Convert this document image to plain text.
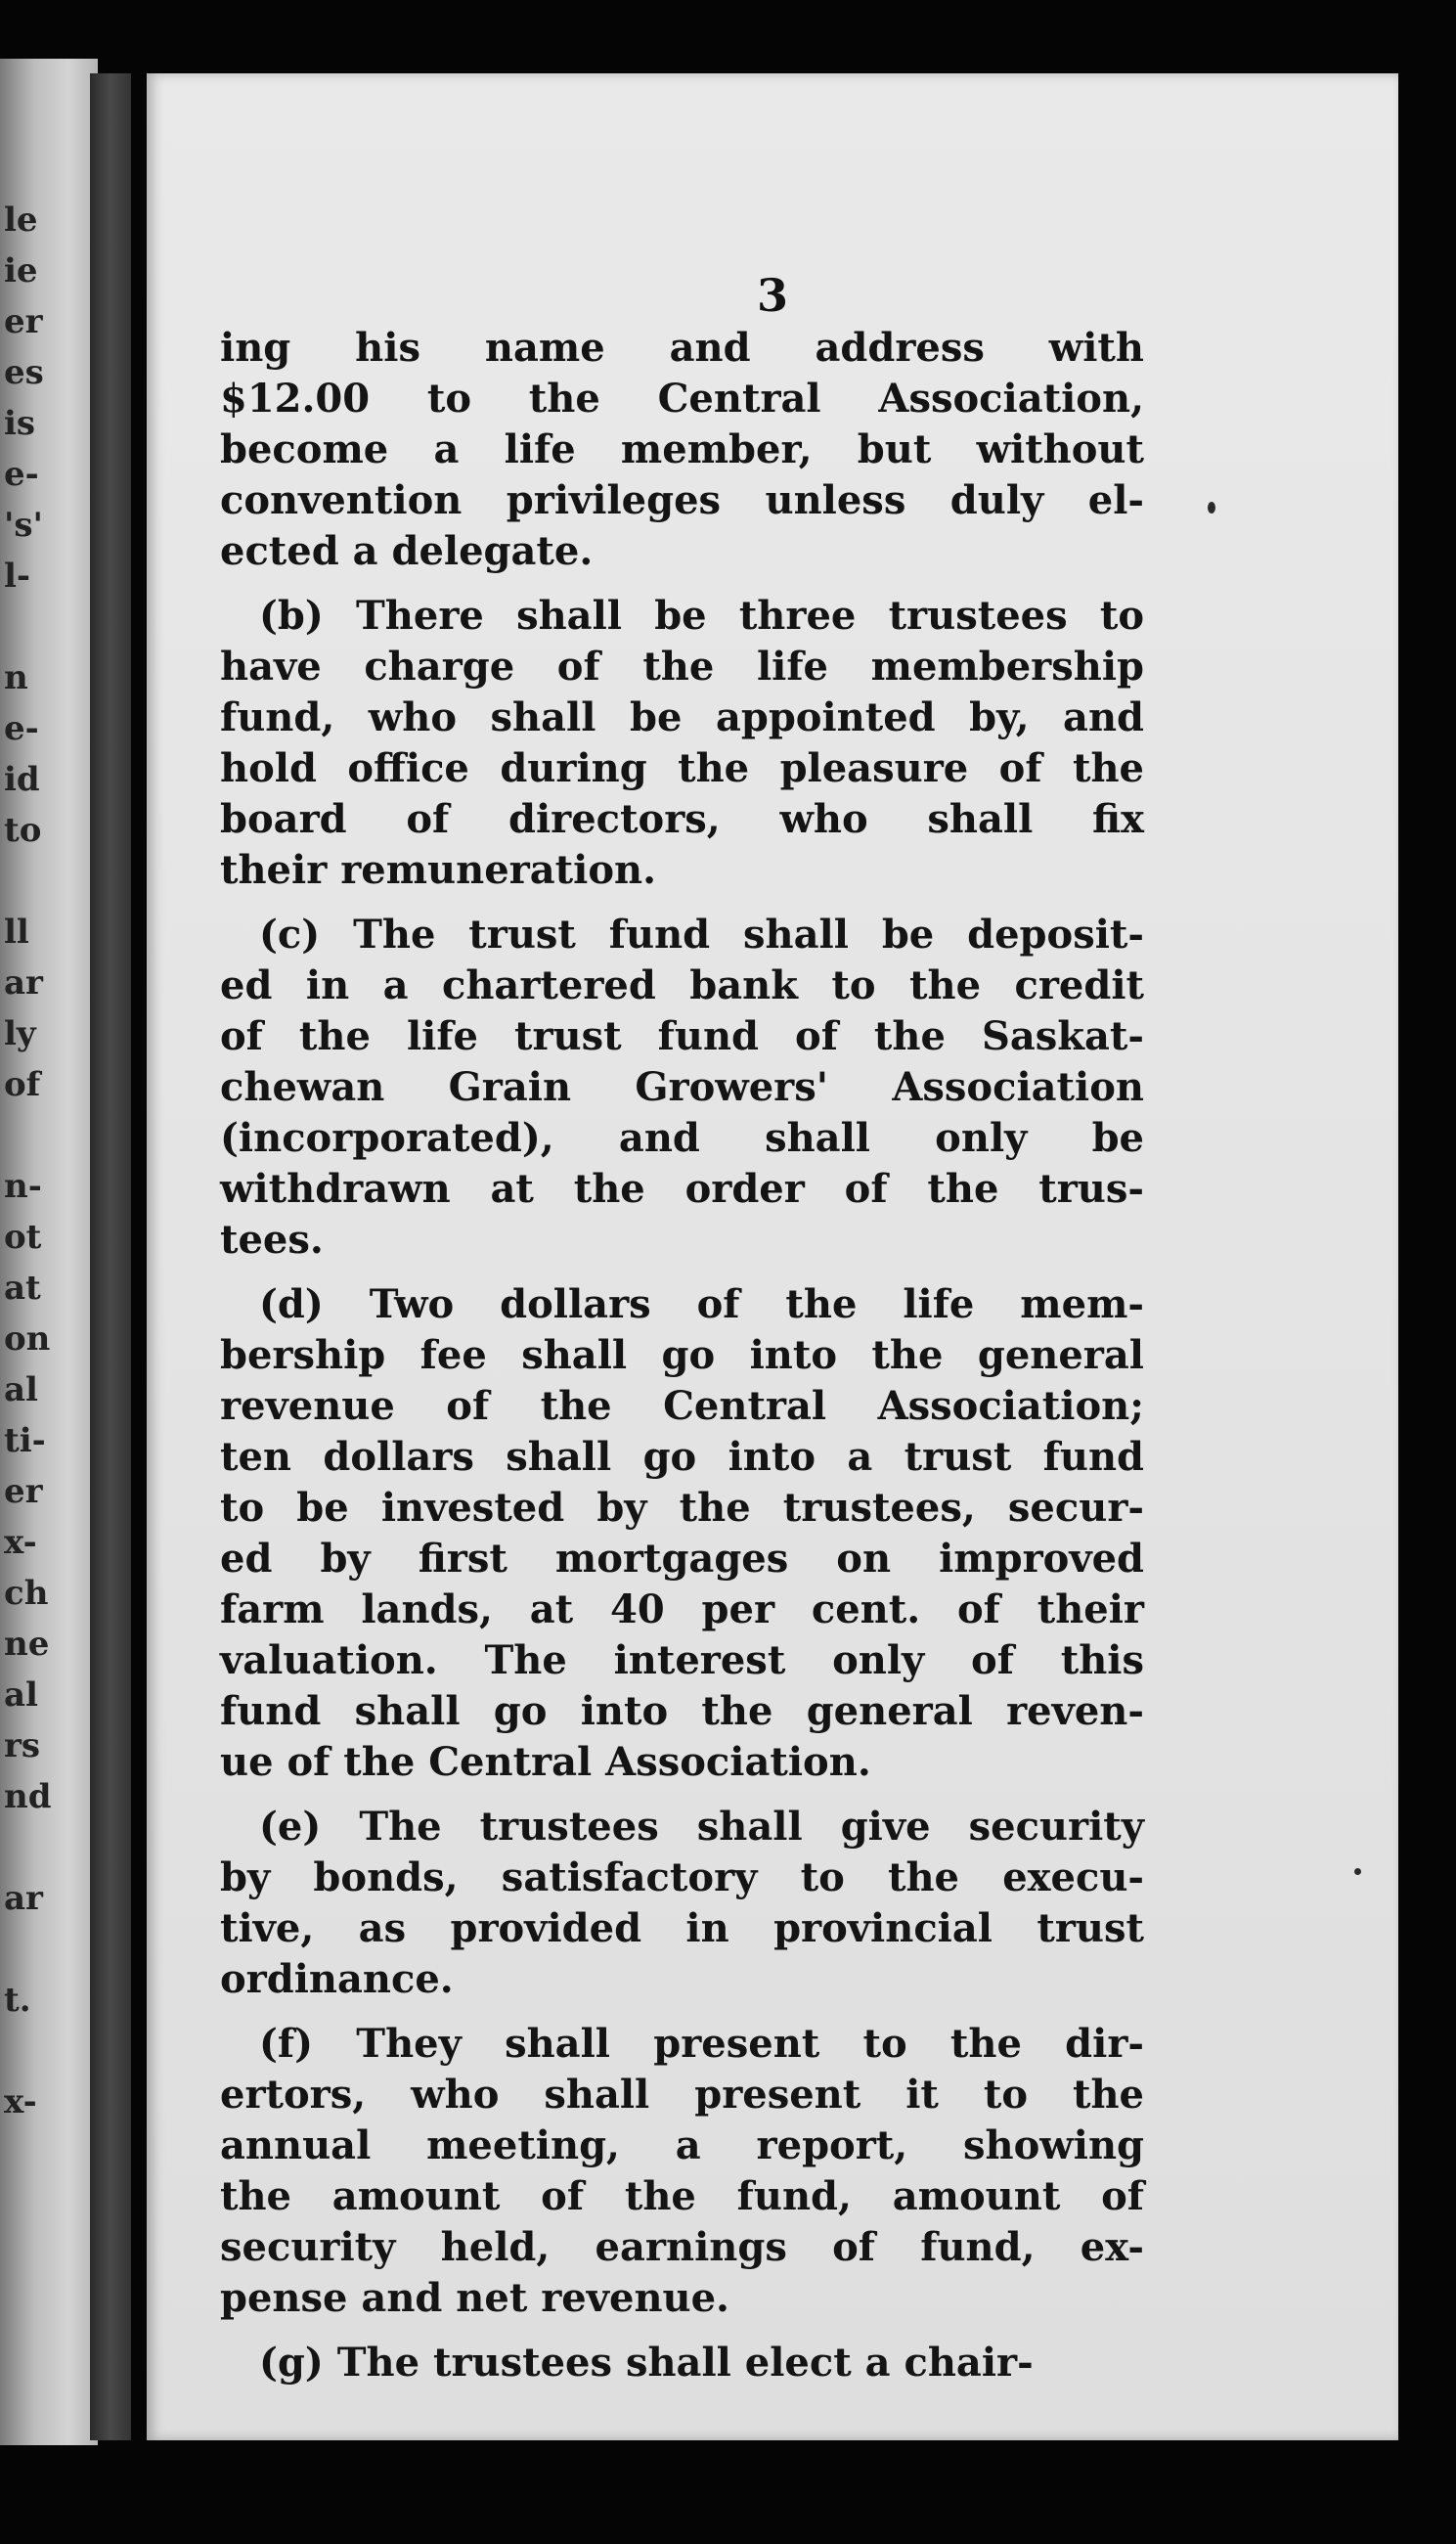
le
ie
er
es
is
e-
's'
l-
n
e-
id
to
ll
ar
ly
of
n-
ot
at
on
al
ti-
er
x-
ch
ne
al
rs
nd
ar
t.
x-
3
ing his name and address with
$12.00 to the Central Association,
become a life member, but without
convention privileges unless duly el-
ected a delegate.
(b) There shall be three trustees to
have charge of the life membership
fund, who shall be appointed by, and
hold office during the pleasure of the
board of directors, who shall fix
their remuneration.
(c) The trust fund shall be deposit-
ed in a chartered bank to the credit
of the life trust fund of the Saskat-
chewan Grain Growers' Association
(incorporated), and shall only be
withdrawn at the order of the trus-
tees.
(d) Two dollars of the life mem-
bership fee shall go into the general
revenue of the Central Association;
ten dollars shall go into a trust fund
to be invested by the trustees, secur-
ed by first mortgages on improved
farm lands, at 40 per cent. of their
valuation. The interest only of this
fund shall go into the general reven-
ue of the Central Association.
(e) The trustees shall give security
by bonds, satisfactory to the execu-
tive, as provided in provincial trust
ordinance.
(f) They shall present to the dir-
ertors, who shall present it to the
annual meeting, a report, showing
the amount of the fund, amount of
security held, earnings of fund, ex-
pense and net revenue.
(g) The trustees shall elect a chair-
